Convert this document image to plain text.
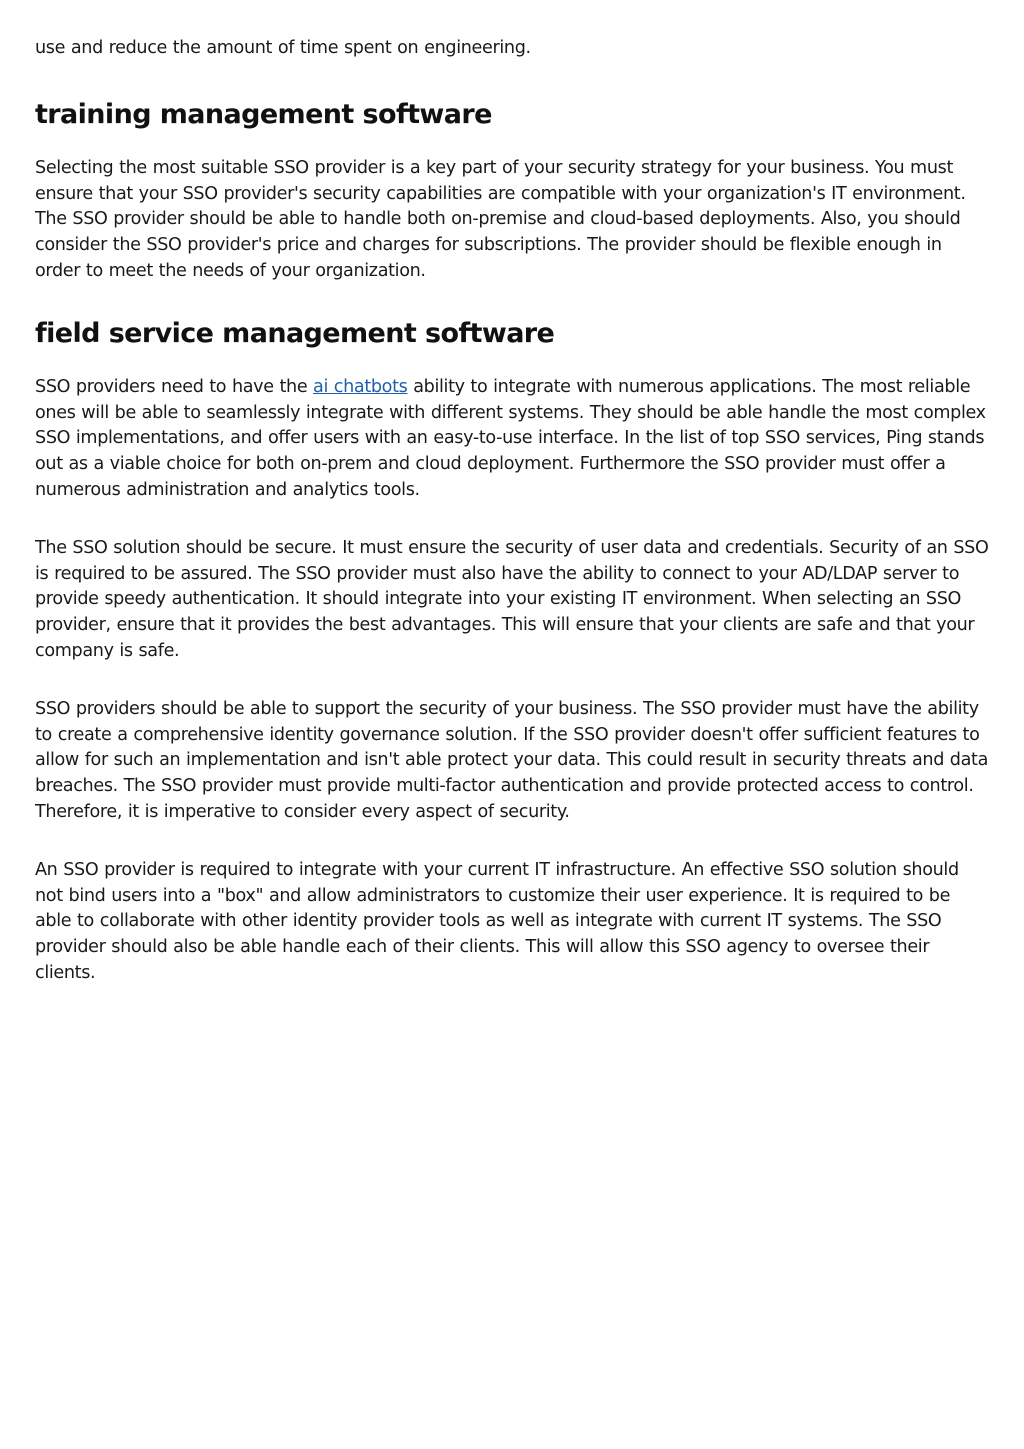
use and reduce the amount of time spent on engineering.

training management software

Selecting the most suitable SSO provider is a key part of your security strategy for your business. You must ensure that your SSO provider's security capabilities are compatible with your organization's IT environment. The SSO provider should be able to handle both on-premise and cloud-based deployments. Also, you should consider the SSO provider's price and charges for subscriptions. The provider should be flexible enough in order to meet the needs of your organization.

field service management software

SSO providers need to have the ai chatbots ability to integrate with numerous applications. The most reliable ones will be able to seamlessly integrate with different systems. They should be able handle the most complex SSO implementations, and offer users with an easy-to-use interface. In the list of top SSO services, Ping stands out as a viable choice for both on-prem and cloud deployment. Furthermore the SSO provider must offer a numerous administration and analytics tools.

The SSO solution should be secure. It must ensure the security of user data and credentials. Security of an SSO is required to be assured. The SSO provider must also have the ability to connect to your AD/LDAP server to provide speedy authentication. It should integrate into your existing IT environment. When selecting an SSO provider, ensure that it provides the best advantages. This will ensure that your clients are safe and that your company is safe.

SSO providers should be able to support the security of your business. The SSO provider must have the ability to create a comprehensive identity governance solution. If the SSO provider doesn't offer sufficient features to allow for such an implementation and isn't able protect your data. This could result in security threats and data breaches. The SSO provider must provide multi-factor authentication and provide protected access to control. Therefore, it is imperative to consider every aspect of security.

An SSO provider is required to integrate with your current IT infrastructure. An effective SSO solution should not bind users into a "box" and allow administrators to customize their user experience. It is required to be able to collaborate with other identity provider tools as well as integrate with current IT systems. The SSO provider should also be able handle each of their clients. This will allow this SSO agency to oversee their clients.
